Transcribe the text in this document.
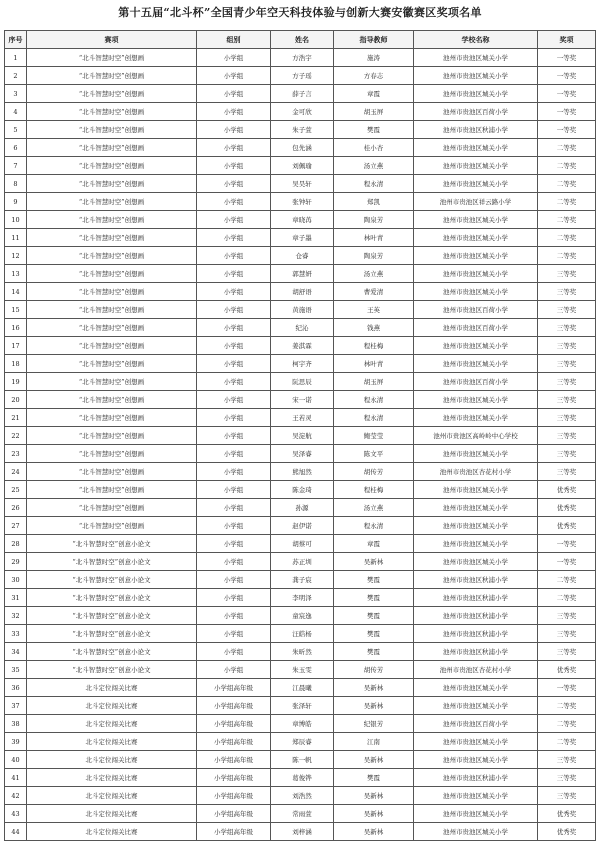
第十五届“北斗杯”全国青少年空天科技体验与创新大赛安徽赛区奖项名单
序号	赛项	组别	姓名	指导教师	学校名称	奖项
1	“北斗智慧时空”创想画	小学组	方浩宇	施涛	池州市贵池区城关小学	一等奖
2	“北斗智慧时空”创想画	小学组	方子瑶	方春志	池州市贵池区城关小学	一等奖
3	“北斗智慧时空”创想画	小学组	薛子言	章霞	池州市贵池区城关小学	一等奖
4	“北斗智慧时空”创想画	小学组	金可欣	胡玉屏	池州市贵池区百荷小学	一等奖
5	“北斗智慧时空”创想画	小学组	朱子萱	樊霞	池州市贵池区秋浦小学	一等奖
6	“北斗智慧时空”创想画	小学组	包先涵	桂小杏	池州市贵池区城关小学	二等奖
7	“北斗智慧时空”创想画	小学组	刘佩瑜	汤立燕	池州市贵池区城关小学	二等奖
8	“北斗智慧时空”创想画	小学组	吴昊轩	程永清	池州市贵池区城关小学	二等奖
9	“北斗智慧时空”创想画	小学组	张钟轩	郑凯	池州市贵池区祥云路小学	二等奖
10	“北斗智慧时空”创想画	小学组	章晓苒	陶泉芳	池州市贵池区城关小学	二等奖
11	“北斗智慧时空”创想画	小学组	章子墨	林叶青	池州市贵池区城关小学	二等奖
12	“北斗智慧时空”创想画	小学组	仓睿	陶泉芳	池州市贵池区城关小学	二等奖
13	“北斗智慧时空”创想画	小学组	郭慧妍	汤立燕	池州市贵池区城关小学	三等奖
14	“北斗智慧时空”创想画	小学组	胡舒语	曹爱清	池州市贵池区城关小学	三等奖
15	“北斗智慧时空”创想画	小学组	黄施语	王英	池州市贵池区百荷小学	三等奖
16	“北斗智慧时空”创想画	小学组	纪沁	钱燕	池州市贵池区百荷小学	三等奖
17	“北斗智慧时空”创想画	小学组	姜淇霖	程桂梅	池州市贵池区城关小学	三等奖
18	“北斗智慧时空”创想画	小学组	柯宇齐	林叶青	池州市贵池区城关小学	三等奖
19	“北斗智慧时空”创想画	小学组	阮思辰	胡玉屏	池州市贵池区百荷小学	三等奖
20	“北斗智慧时空”创想画	小学组	宋一诺	程永清	池州市贵池区城关小学	三等奖
21	“北斗智慧时空”创想画	小学组	王若灵	程永清	池州市贵池区城关小学	三等奖
22	“北斗智慧时空”创想画	小学组	吴淀航	鲍莹莹	池州市贵池区高岭岭中心学校	三等奖
23	“北斗智慧时空”创想画	小学组	吴泽睿	陈文平	池州市贵池区城关小学	三等奖
24	“北斗智慧时空”创想画	小学组	熊旭然	胡传芳	池州市贵池区杏花村小学	三等奖
25	“北斗智慧时空”创想画	小学组	陈金琦	程桂梅	池州市贵池区城关小学	优秀奖
26	“北斗智慧时空”创想画	小学组	孙源	汤立燕	池州市贵池区城关小学	优秀奖
27	“北斗智慧时空”创想画	小学组	赵伊诺	程永清	池州市贵池区城关小学	优秀奖
28	“北斗智慧时空”创意小论文	小学组	胡蔡可	章霞	池州市贵池区城关小学	一等奖
29	“北斗智慧时空”创意小论文	小学组	苏正圳	吴新林	池州市贵池区城关小学	一等奖
30	“北斗智慧时空”创意小论文	小学组	龚子宸	樊霞	池州市贵池区秋浦小学	二等奖
31	“北斗智慧时空”创意小论文	小学组	李明泽	樊霞	池州市贵池区秋浦小学	二等奖
32	“北斗智慧时空”创意小论文	小学组	童宸逸	樊霞	池州市贵池区秋浦小学	三等奖
33	“北斗智慧时空”创意小论文	小学组	汪皓杨	樊霞	池州市贵池区秋浦小学	三等奖
34	“北斗智慧时空”创意小论文	小学组	朱昕然	樊霞	池州市贵池区秋浦小学	三等奖
35	“北斗智慧时空”创意小论文	小学组	朱玉雯	胡传芳	池州市贵池区杏花村小学	优秀奖
36	北斗定位闯关比赛	小学组高年级	江晨曦	吴新林	池州市贵池区城关小学	一等奖
37	北斗定位闯关比赛	小学组高年级	张泽轩	吴新林	池州市贵池区城关小学	二等奖
38	北斗定位闯关比赛	小学组高年级	章博皓	纪银芳	池州市贵池区百荷小学	二等奖
39	北斗定位闯关比赛	小学组高年级	郑辰睿	江南	池州市贵池区城关小学	二等奖
40	北斗定位闯关比赛	小学组高年级	陈一帆	吴新林	池州市贵池区城关小学	三等奖
41	北斗定位闯关比赛	小学组高年级	葛俊铧	樊霞	池州市贵池区秋浦小学	三等奖
42	北斗定位闯关比赛	小学组高年级	刘浩然	吴新林	池州市贵池区城关小学	三等奖
43	北斗定位闯关比赛	小学组高年级	常雨萱	吴新林	池州市贵池区城关小学	优秀奖
44	北斗定位闯关比赛	小学组高年级	刘梓涵	吴新林	池州市贵池区城关小学	优秀奖
